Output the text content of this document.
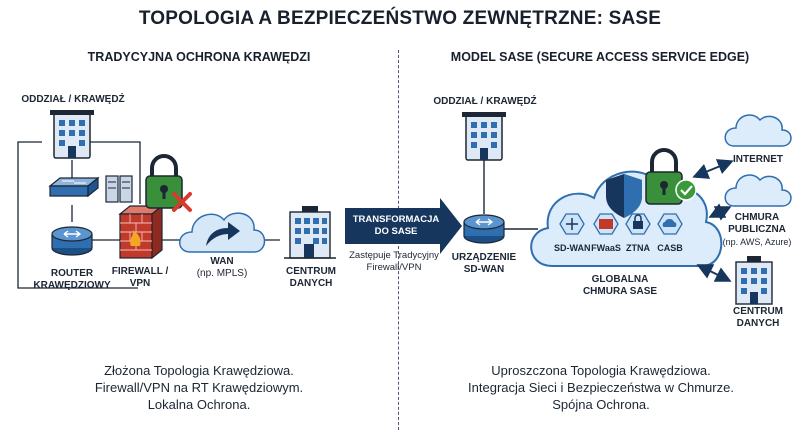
TOPOLOGIA A BEZPIECZEŃSTWO ZEWNĘTRZNE: SASE
TRADYCYJNA OCHRONA KRAWĘDZI	MODEL SASE (SECURE ACCESS SERVICE EDGE)
ODDZIAŁ / KRAWĘDŹ
ROUTER
KRAWĘDZIOWY
FIREWALL /
VPN
WAN
(np. MPLS)	CENTRUM
DANYCH
TRANSFORMACJA
DO SASE
Zastępuje Tradycyjny
Firewall/VPN
ODDZIAŁ / KRAWĘDŹ
URZĄDZENIE
SD-WAN
SD-WAN FWaaS ZTNA CASB
GLOBALNA
CHMURA SASE
INTERNET
CHMURA
PUBLICZNA
(np. AWS, Azure)
CENTRUM
DANYCH
Złożona Topologia Krawędziowa.
Firewall/VPN na RT Krawędziowym.
Lokalna Ochrona.
Uproszczona Topologia Krawędziowa.
Integracja Sieci i Bezpieczeństwa w Chmurze.
Spójna Ochrona.
